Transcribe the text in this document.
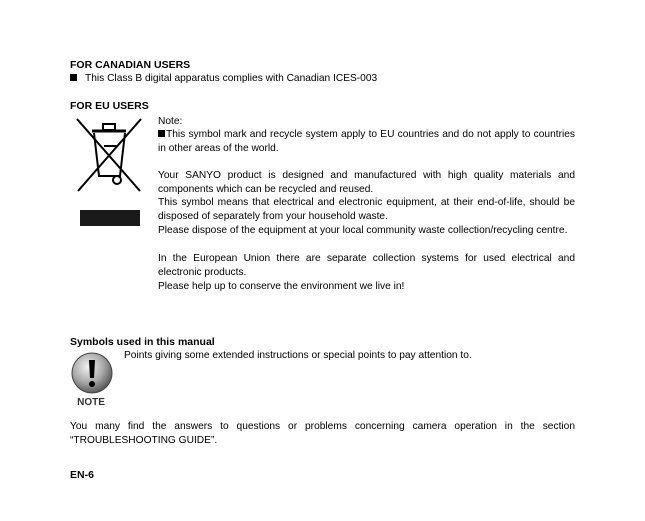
FOR CANADIAN USERS
This Class B digital apparatus complies with Canadian ICES-003
FOR EU USERS
Note:
This symbol mark and recycle system apply to EU countries and do not apply to countries in other areas of the world.
Your SANYO product is designed and manufactured with high quality materials and components which can be recycled and reused.
This symbol means that electrical and electronic equipment, at their end-of-life, should be disposed of separately from your household waste.
Please dispose of the equipment at your local community waste collection/recycling centre.
In the European Union there are separate collection systems for used electrical and electronic products.
Please help up to conserve the environment we live in!
Symbols used in this manual
Points giving some extended instructions or special points to pay attention to.
NOTE
You many find the answers to questions or problems concerning camera operation in the section “TROUBLESHOOTING GUIDE”.
EN-6
